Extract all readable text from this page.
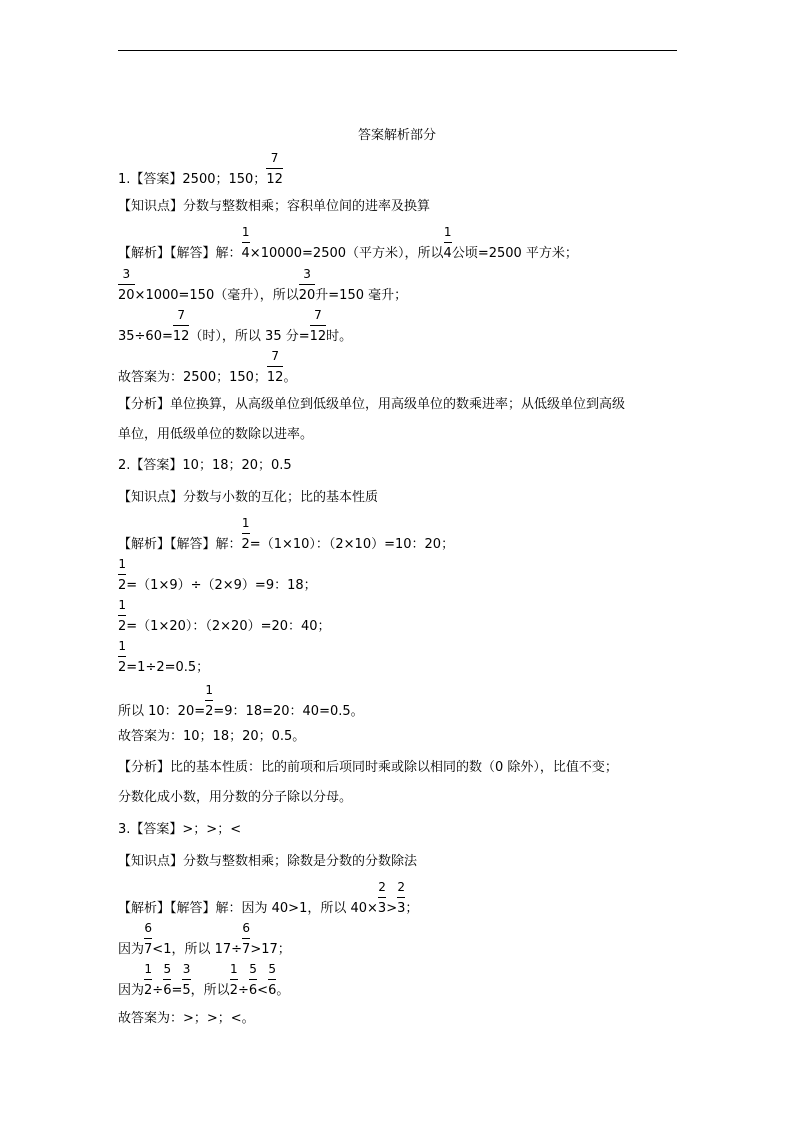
答案解析部分
1.【答案】2500；150； $\frac{7}{12}$
【知识点】分数与整数相乘；容积单位间的进率及换算
【解析】【解答】解： $\frac{1}{4}\times 10000=2500$（平方米），所以 $\frac{1}{4}$公顷=2500 平方米；
$\frac{3}{20}\times 1000=150$（毫升），所以 $\frac{3}{20}$升=150 毫升；
$35\div 60= \frac{7}{12}$（时），所以 35 分= $\frac{7}{12}$时。
故答案为：2500；150； $\frac{7}{12}$。
【分析】单位换算，从高级单位到低级单位，用高级单位的数乘进率；从低级单位到高级
单位，用低级单位的数除以进率。
2.【答案】10；18；20；0.5
【知识点】分数与小数的互化；比的基本性质
【解析】【解答】解： $\frac{1}{2}=(1\times 10)$：（2×10）=10：20；
$\frac{1}{2}=(1\times 9)\div(2\times 9)=9$：18；
$\frac{1}{2}=(1\times 20)$：（2×20）=20：40；
$\frac{1}{2}=1\div 2=0.5$；
所以 10：$20= \frac{1}{2}=9$：18=20：40=0.5。
故答案为：10；18；20；0.5。
【分析】比的基本性质：比的前项和后项同时乘或除以相同的数（0 除外），比值不变；
分数化成小数，用分数的分子除以分母。
3.【答案】>；>；<
【知识点】分数与整数相乘；除数是分数的分数除法
【解析】【解答】解：因为 40>1，所以 $40\times \frac{2}{3}> \frac{2}{3}$；
因为 $\frac{6}{7}<1$，所以 $17\div \frac{6}{7}>17$；
因为 $\frac{1}{2}\div \frac{5}{6}= \frac{3}{5}$，所以 $\frac{1}{2}\div \frac{5}{6}< \frac{5}{6}$。
故答案为：>；>；<。
